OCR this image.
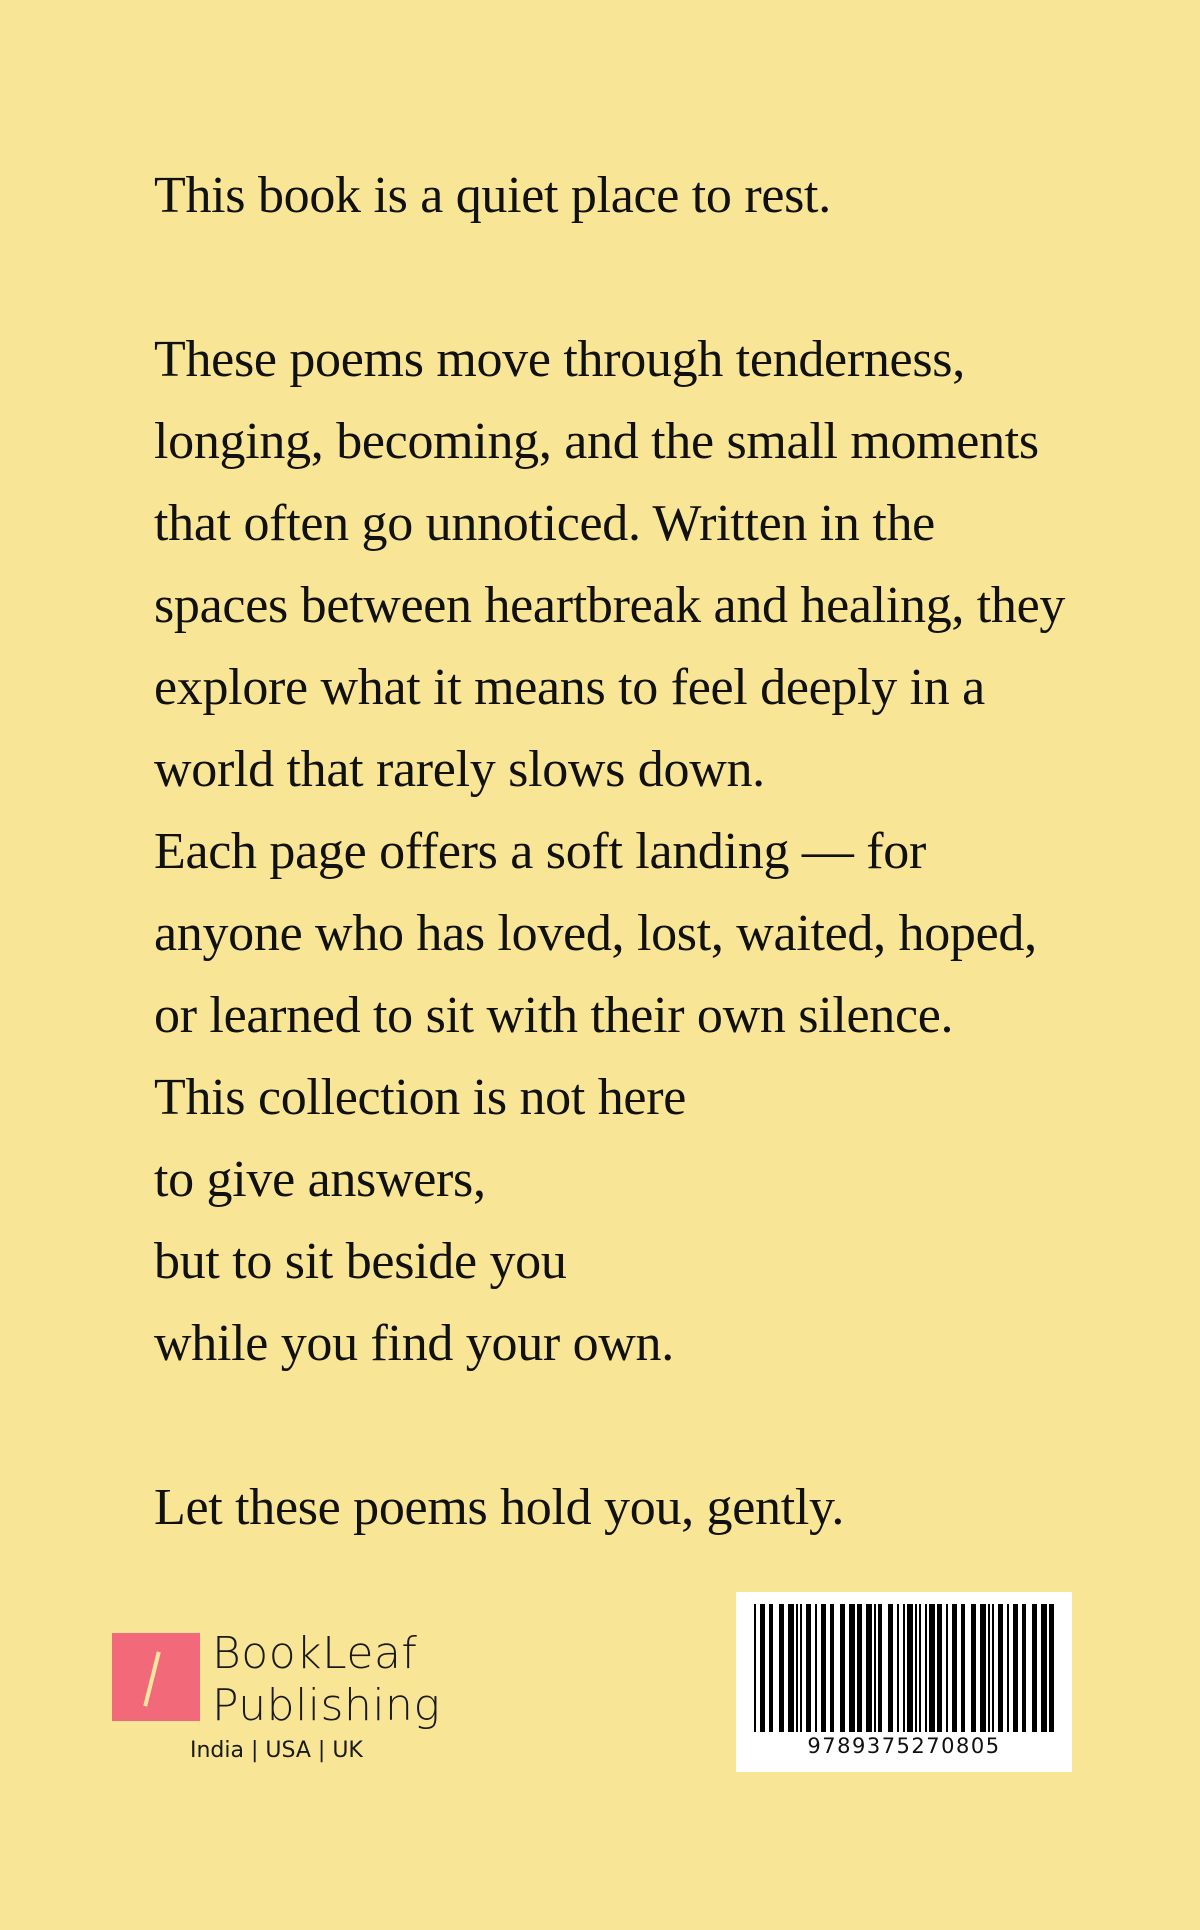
This book is a quiet place to rest.

These poems move through tenderness,

longing, becoming, and the small moments

that often go unnoticed. Written in the

spaces between heartbreak and healing, they

explore what it means to feel deeply in a

world that rarely slows down.

Each page offers a soft landing — for

anyone who has loved, lost, waited, hoped,

or learned to sit with their own silence.

This collection is not here

to give answers,

but to sit beside you

while you find your own.

Let these poems hold you, gently.

BookLeaf
Publishing
India | USA | UK	9789375270805
